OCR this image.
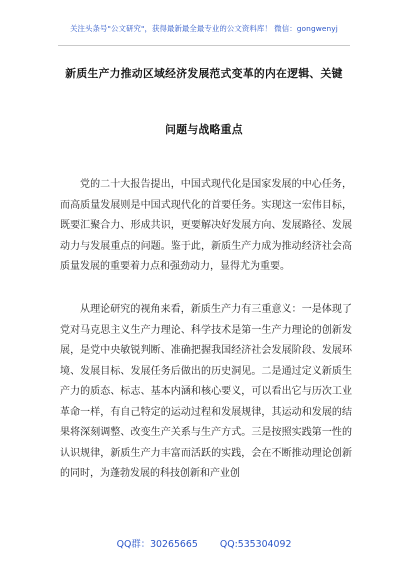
关注头条号"公文研究"，获得最新最全最专业的公文资料库！ 微信：gongwenyj
新质生产力推动区域经济发展范式变革的内在逻辑、关键
问题与战略重点

党的二十大报告提出，中国式现代化是国家发展的中心任务，而高质量发展则是中国式现代化的首要任务。实现这一宏伟目标，既要汇聚合力、形成共识，更要解决好发展方向、发展路径、发展动力与发展重点的问题。鉴于此，新质生产力成为推动经济社会高质量发展的重要着力点和强劲动力，显得尤为重要。

从理论研究的视角来看，新质生产力有三重意义：一是体现了党对马克思主义生产力理论、科学技术是第一生产力理论的创新发展，是党中央敏锐判断、准确把握我国经济社会发展阶段、发展环境、发展目标、发展任务后做出的历史洞见。二是通过定义新质生产力的质态、标志、基本内涵和核心要义，可以看出它与历次工业革命一样，有自己特定的运动过程和发展规律，其运动和发展的结果将深刻调整、改变生产关系与生产方式。三是按照实践第一性的认识规律，新质生产力丰富而活跃的实践，会在不断推动理论创新的同时，为蓬勃发展的科技创新和产业创

QQ群：30265665 QQ:535304092
